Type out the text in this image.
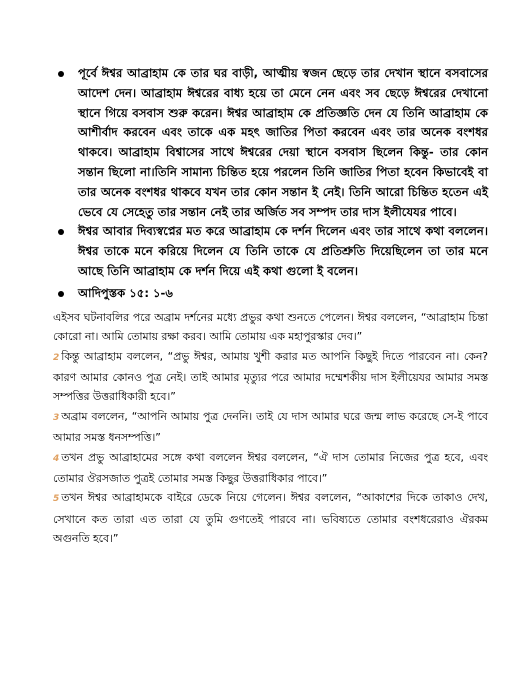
পূর্বে ঈশ্বর আব্রাহাম কে তার ঘর বাড়ী, আত্মীয় স্বজন ছেড়ে তার দেখান স্থানে বসবাসের আদেশ দেন। আব্রাহাম ঈশ্বরের বাধ্য হয়ে তা মেনে নেন এবং সব ছেড়ে ঈশ্বরের দেখানো স্থানে গিয়ে বসবাস শুরু করেন। ঈশ্বর আব্রাহাম কে প্রতিজ্ঞতি দেন যে তিনি আব্রাহাম কে আশীর্বাদ করবেন এবং তাকে এক মহৎ জাতির পিতা করবেন এবং তার অনেক বংশধর থাকবে। আব্রাহাম বিশ্বাসের সাথে ঈশ্বরের দেয়া স্থানে বসবাস ছিলেন কিন্তু- তার কোন সন্তান ছিলো না।তিনি সামান্য চিন্তিত হয়ে পরলেন তিনি জাতির পিতা হবেন কিভাবেই বা তার অনেক বংশধর থাকবে যখন তার কোন সন্তান ই নেই। তিনি আরো চিন্তিত হতেন এই ভেবে যে সেহেতু তার সন্তান নেই তার অর্জিত সব সম্পদ তার দাস ইলীযেযর পাবে।

ঈশ্বর আবার দিব্যস্বপ্নের মত করে আব্রাহাম কে দর্শন দিলেন এবং তার সাথে কথা বললেন। ঈশ্বর তাকে মনে করিয়ে দিলেন যে তিনি তাকে যে প্রতিশ্রুতি দিয়েছিলেন তা তার মনে আছে তিনি আব্রাহাম কে দর্শন দিয়ে এই কথা গুলো ই বলেন।

আদিপুস্তক ১৫: ১-৬

এইসব ঘটনাবলির পরে অব্রাম দর্শনের মধ্যে প্রভুর কথা শুনতে পেলেন। ঈশ্বর বললেন, “আব্রাহাম চিন্তা কোরো না। আমি তোমায় রক্ষা করব। আমি তোমায় এক মহাপুরস্কার দেব।”

2 কিন্তু আব্রাহাম বললেন, “প্রভু ঈশ্বর, আমায় খুশী করার মত আপনি কিছুই দিতে পারবেন না। কেন? কারণ আমার কোনও পুত্র নেই। তাই আমার মৃত্যুর পরে আমার দম্মেশকীয় দাস ইলীয়েযর আমার সমস্ত সম্পত্তির উত্তরাধিকারী হবে।”

3 অব্রাম বললেন, “আপনি আমায় পুত্র দেননি। তাই যে দাস আমার ঘরে জন্ম লাভ করেছে সে-ই পাবে আমার সমস্ত ধনসম্পত্তি।”

4 তখন প্রভু আব্রাহামের সঙ্গে কথা বললেন ঈশ্বর বললেন, “ঐ দাস তোমার নিজের পুত্র হবে, এবং তোমার ঔরসজাত পুত্রই তোমার সমস্ত কিছুর উত্তরাধিকার পাবে।”

5 তখন ঈশ্বর আব্রাহামকে বাইরে ডেকে নিয়ে গেলেন। ঈশ্বর বললেন, “আকাশের দিকে তাকাও দেখ, সেখানে কত তারা এত তারা যে তুমি গুণতেই পারবে না। ভবিষ্যতে তোমার বংশধরেরাও ঐরকম অগুনতি হবে।”
